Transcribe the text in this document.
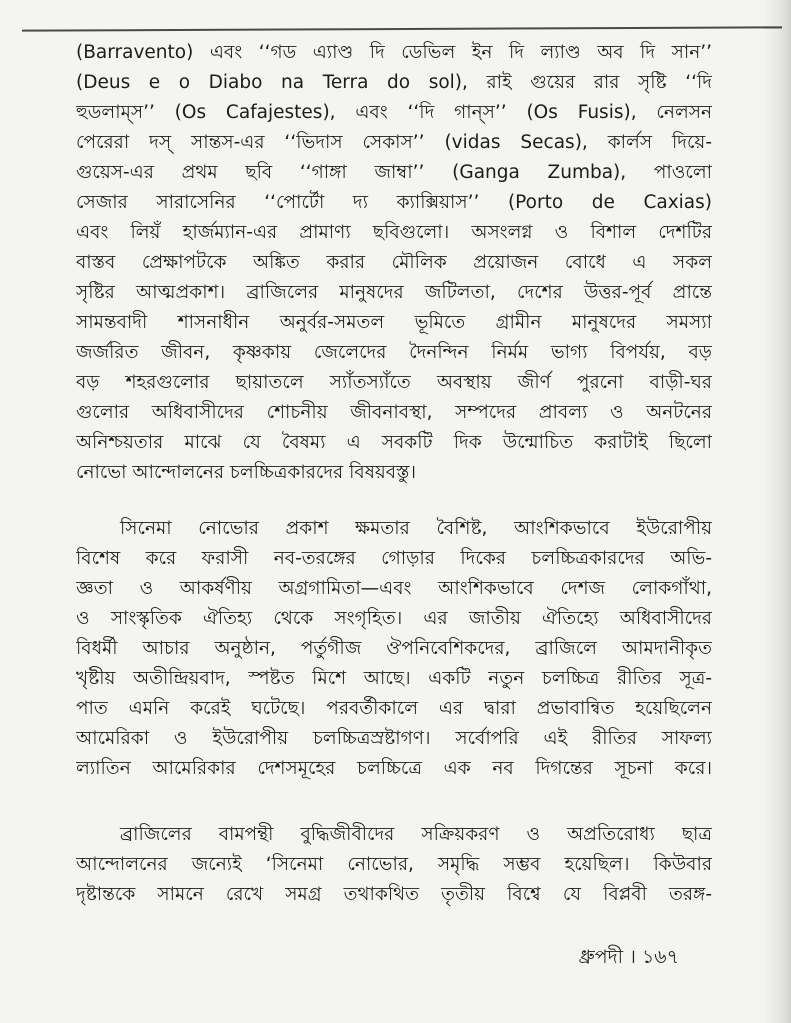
(Barravento) এবং ‘‘গড এ্যাণ্ড দি ডেভিল ইন দি ল্যাণ্ড অব দি সান’’
(Deus e o Diabo na Terra do sol), রাই গুয়ের রার সৃষ্টি ‘‘দি
হুডলাম্‌স’’ (Os Cafajestes), এবং ‘‘দি গান্‌স’’ (Os Fusis), নেলসন
পেরেরা দস্‌ সান্তস-এর ‘‘ভিদাস সেকাস’’ (vidas Secas), কার্লস দিয়ে-
গুয়েস-এর প্রথম ছবি ‘‘গাঙ্গা জাম্বা’’ (Ganga Zumba), পাওলো
সেজার সারাসেনির ‘‘পোর্টো দ্য ক্যাক্সিয়াস’’ (Porto de Caxias)
এবং লিয়ঁ হার্জম্যান-এর প্রামাণ্য ছবিগুলো। অসংলগ্ন ও বিশাল দেশটির
বাস্তব প্রেক্ষাপটকে অঙ্কিত করার মৌলিক প্রয়োজন বোধে এ সকল
সৃষ্টির আত্মপ্রকাশ। ব্রাজিলের মানুষদের জটিলতা, দেশের উত্তর-পূর্ব প্রান্তে
সামন্তবাদী শাসনাধীন অনুর্বর-সমতল ভূমিতে গ্রামীন মানুষদের সমস্যা
জর্জরিত জীবন, কৃষ্ণকায় জেলেদের দৈনন্দিন নির্মম ভাগ্য বিপর্যয়, বড়
বড় শহরগুলোর ছায়াতলে স্যাঁতস্যাঁতে অবস্থায় জীর্ণ পুরনো বাড়ী-ঘর
গুলোর অধিবাসীদের শোচনীয় জীবনাবস্থা, সম্পদের প্রাবল্য ও অনটনের
অনিশ্চয়তার মাঝে যে বৈষম্য এ সবকটি দিক উন্মোচিত করাটাই ছিলো
নোভো আন্দোলনের চলচ্চিত্রকারদের বিষয়বস্তু।
সিনেমা নোভোর প্রকাশ ক্ষমতার বৈশিষ্ট, আংশিকভাবে ইউরোপীয়
বিশেষ করে ফরাসী নব-তরঙ্গের গোড়ার দিকের চলচ্চিত্রকারদের অভি-
জ্ঞতা ও আকর্ষণীয় অগ্রগামিতা—এবং আংশিকভাবে দেশজ লোকগাঁথা,
ও সাংস্কৃতিক ঐতিহ্য থেকে সংগৃহিত। এর জাতীয় ঐতিহ্যে অধিবাসীদের
বিধর্মী আচার অনুষ্ঠান, পর্তুগীজ ঔপনিবেশিকদের, ব্রাজিলে আমদানীকৃত
খৃষ্টীয় অতীন্দ্রিয়বাদ, স্পষ্টত মিশে আছে। একটি নতুন চলচ্চিত্র রীতির সূত্র-
পাত এমনি করেই ঘটেছে। পরবর্তীকালে এর দ্বারা প্রভাবান্বিত হয়েছিলেন
আমেরিকা ও ইউরোপীয় চলচ্চিত্রস্রষ্টাগণ। সর্বোপরি এই রীতির সাফল্য
ল্যাতিন আমেরিকার দেশসমূহের চলচ্চিত্রে এক নব দিগন্তের সূচনা করে।
ব্রাজিলের বামপন্থী বুদ্ধিজীবীদের সক্রিয়করণ ও অপ্রতিরোধ্য ছাত্র
আন্দোলনের জন্যেই ‘সিনেমা নোভোর, সমৃদ্ধি সম্ভব হয়েছিল। কিউবার
দৃষ্টান্তকে সামনে রেখে সমগ্র তথাকথিত তৃতীয় বিশ্বে যে বিপ্লবী তরঙ্গ-
ধ্রুপদী । ১৬৭
